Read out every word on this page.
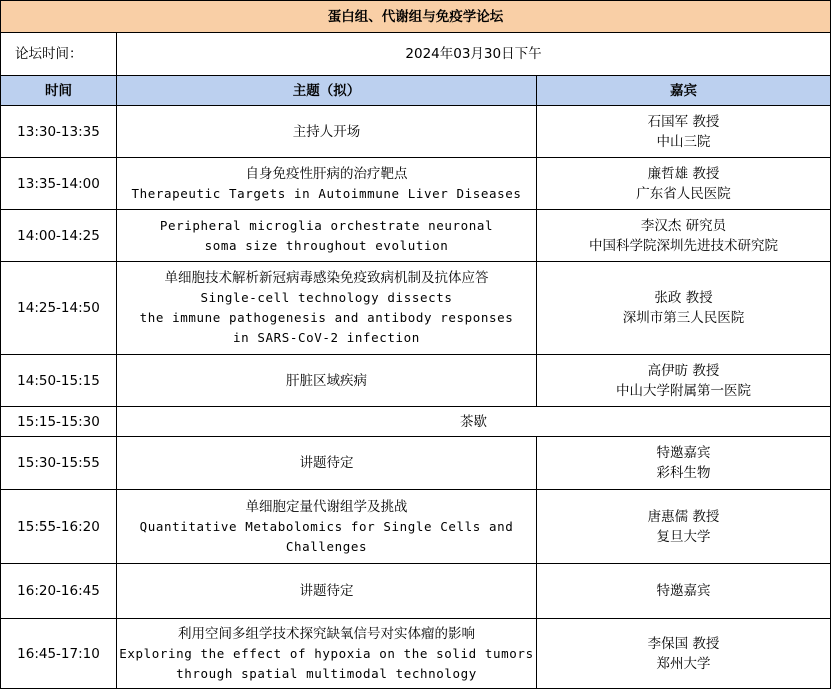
蛋白组、代谢组与免疫学论坛		
论坛时间：	2024年03月30日下午	
时间	主题（拟）	嘉宾
13:30-13:35	主持人开场	石国军 教授
中山三院

13:35-14:00	自身免疫性肝病的治疗靶点
Therapeutic Targets in Autoimmune Liver Diseases	廉哲雄 教授
广东省人民医院

14:00-14:25	Peripheral microglia orchestrate neuronal
soma size throughout evolution	李汉杰 研究员
中国科学院深圳先进技术研究院

14:25-14:50	单细胞技术解析新冠病毒感染免疫致病机制及抗体应答
Single-cell technology dissects
the immune pathogenesis and antibody responses
in SARS-CoV-2 infection	张政 教授
深圳市第三人民医院

14:50-15:15	肝脏区域疾病	高伊昉 教授
中山大学附属第一医院

15:15-15:30	茶歇	
15:30-15:55	讲题待定	特邀嘉宾
彩科生物

15:55-16:20	单细胞定量代谢组学及挑战
Quantitative Metabolomics for Single Cells and
Challenges	唐惠儒 教授
复旦大学

16:20-16:45	讲题待定	特邀嘉宾

16:45-17:10	利用空间多组学技术探究缺氧信号对实体瘤的影响
Exploring the effect of hypoxia on the solid tumors
through spatial multimodal technology	李保国 教授
郑州大学
